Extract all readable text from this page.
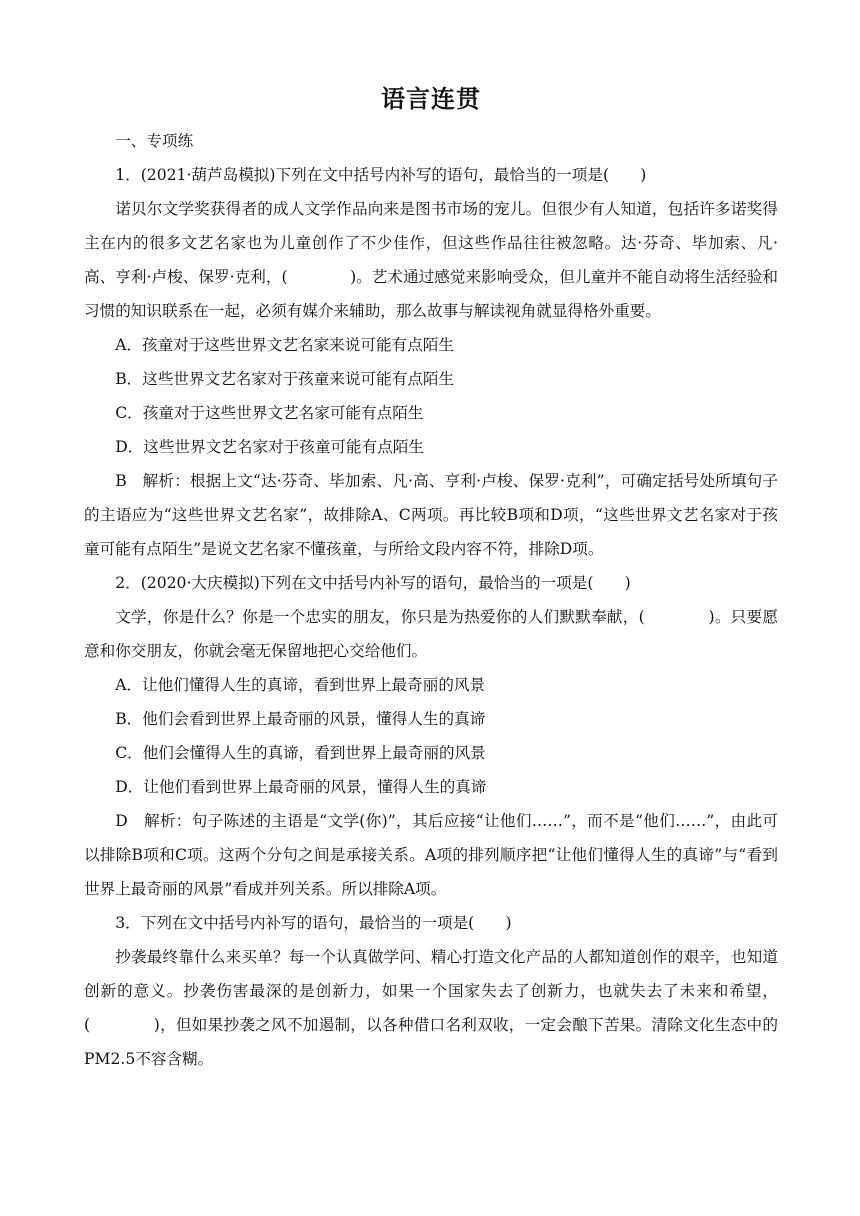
语言连贯

一、专项练

1．(2021·葫芦岛模拟)下列在文中括号内补写的语句，最恰当的一项是(　　)

诺贝尔文学奖获得者的成人文学作品向来是图书市场的宠儿。但很少有人知道，包括许多诺奖得主在内的很多文艺名家也为儿童创作了不少佳作，但这些作品往往被忽略。达·芬奇、毕加索、凡·高、亨利·卢梭、保罗·克利，(　　　　)。艺术通过感觉来影响受众，但儿童并不能自动将生活经验和习惯的知识联系在一起，必须有媒介来辅助，那么故事与解读视角就显得格外重要。

A．孩童对于这些世界文艺名家来说可能有点陌生

B．这些世界文艺名家对于孩童来说可能有点陌生

C．孩童对于这些世界文艺名家可能有点陌生

D．这些世界文艺名家对于孩童可能有点陌生

B　解析：根据上文“达·芬奇、毕加索、凡·高、亨利·卢梭、保罗·克利”，可确定括号处所填句子的主语应为“这些世界文艺名家”，故排除A、C两项。再比较B项和D项，“这些世界文艺名家对于孩童可能有点陌生”是说文艺名家不懂孩童，与所给文段内容不符，排除D项。

2．(2020·大庆模拟)下列在文中括号内补写的语句，最恰当的一项是(　　)

文学，你是什么？你是一个忠实的朋友，你只是为热爱你的人们默默奉献，(　　　　)。只要愿意和你交朋友，你就会毫无保留地把心交给他们。

A．让他们懂得人生的真谛，看到世界上最奇丽的风景

B．他们会看到世界上最奇丽的风景，懂得人生的真谛

C．他们会懂得人生的真谛，看到世界上最奇丽的风景

D．让他们看到世界上最奇丽的风景，懂得人生的真谛

D　解析：句子陈述的主语是“文学(你)”，其后应接“让他们……”，而不是“他们……”，由此可以排除B项和C项。这两个分句之间是承接关系。A项的排列顺序把“让他们懂得人生的真谛”与“看到世界上最奇丽的风景”看成并列关系。所以排除A项。

3．下列在文中括号内补写的语句，最恰当的一项是(　　)

抄袭最终靠什么来买单？每一个认真做学问、精心打造文化产品的人都知道创作的艰辛，也知道创新的意义。抄袭伤害最深的是创新力，如果一个国家失去了创新力，也就失去了未来和希望，(　　　　)，但如果抄袭之风不加遏制，以各种借口名利双收，一定会酿下苦果。清除文化生态中的PM2.5不容含糊。
